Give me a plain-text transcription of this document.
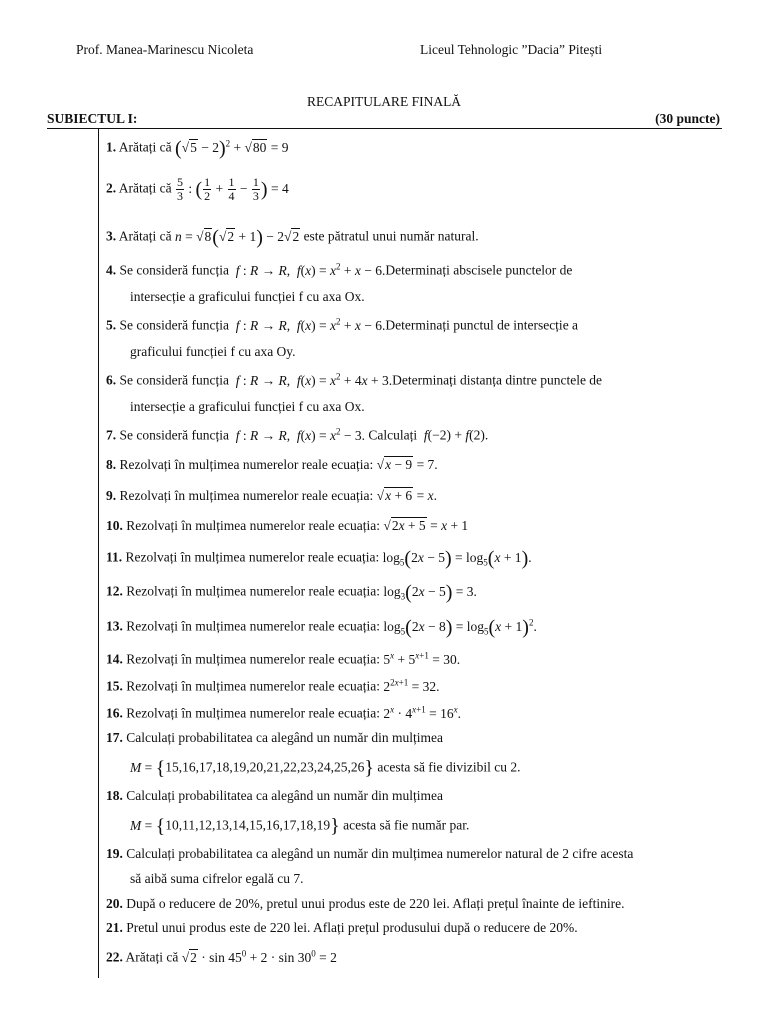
Prof. Manea-Marinescu Nicoleta	Liceul Tehnologic ”Dacia” Pitești
RECAPITULARE FINALĂ
SUBIECTUL I:	(30 puncte)
1. Arătați că $(√5 - 2)^2 + √80 = 9$
2. Arătați că $\frac{5}{3}$ : ( $\frac{1}{2} + \frac{1}{4} - \frac{1}{3}$ ) = 4
3. Arătați că n = √8(√2 + 1) − 2√2 este pătratul unui număr natural.
4. Se consideră funcția f : R → R,  $f(x) = x^2 + x$ − 6.Determinați abscisele punctelor de
intersecție a graficului funcției f cu axa Ox.
5. Se consideră funcția f : R → R,  $f(x) = x^2 + x$ − 6.Determinați punctul de intersecție a
graficului funcției f cu axa Oy.
6. Se consideră funcția f : R → R,  $f(x) = x^2 + 4x$ + 3.Determinați distanța dintre punctele de
intersecție a graficului funcției f cu axa Ox.
7. Se consideră funcția f : R → R,  $f(x) = x^2 - 3$. Calculați f(−2) + f(2).
8. Rezolvați în mulțimea numerelor reale ecuația: √x − 9 = 7.
9. Rezolvați în mulțimea numerelor reale ecuația: √x + 6 = x.
10. Rezolvați în mulțimea numerelor reale ecuația: √2x + 5 = x + 1
11. Rezolvați în mulțimea numerelor reale ecuația: $\log_5(2x - 5) = \log_5(x + 1)$.
12. Rezolvați în mulțimea numerelor reale ecuația: $\log_3(2x - 5) = 3$.
13. Rezolvați în mulțimea numerelor reale ecuația: $\log_5(2x - 8) = \log_5(x + 1)^2$.
14. Rezolvați în mulțimea numerelor reale ecuația: $5^x + 5^{x+1} = 30$.
15. Rezolvați în mulțimea numerelor reale ecuația: $2^{2x+1} = 32$.
16. Rezolvați în mulțimea numerelor reale ecuația: $2^x \cdot 4^{x+1} = 16^x$.
17. Calculați probabilitatea ca alegând un număr din mulțimea
M = {15,16,17,18,19,20,21,22,23,24,25,26} acesta să fie divizibil cu 2.
18. Calculați probabilitatea ca alegând un număr din mulțimea
M = {10,11,12,13,14,15,16,17,18,19} acesta să fie număr par.
19. Calculați probabilitatea ca alegând un număr din mulțimea numerelor natural de 2 cifre acesta
să aibă suma cifrelor egală cu 7.
20. După o reducere de 20%, pretul unui produs este de 220 lei. Aflați prețul înainte de ieftinire.
21. Pretul unui produs este de 220 lei. Aflați prețul produsului după o reducere de 20%.
22. Arătați că $√2 \cdot \sin 45^0 + 2 \cdot \sin 30^0 = 2$
